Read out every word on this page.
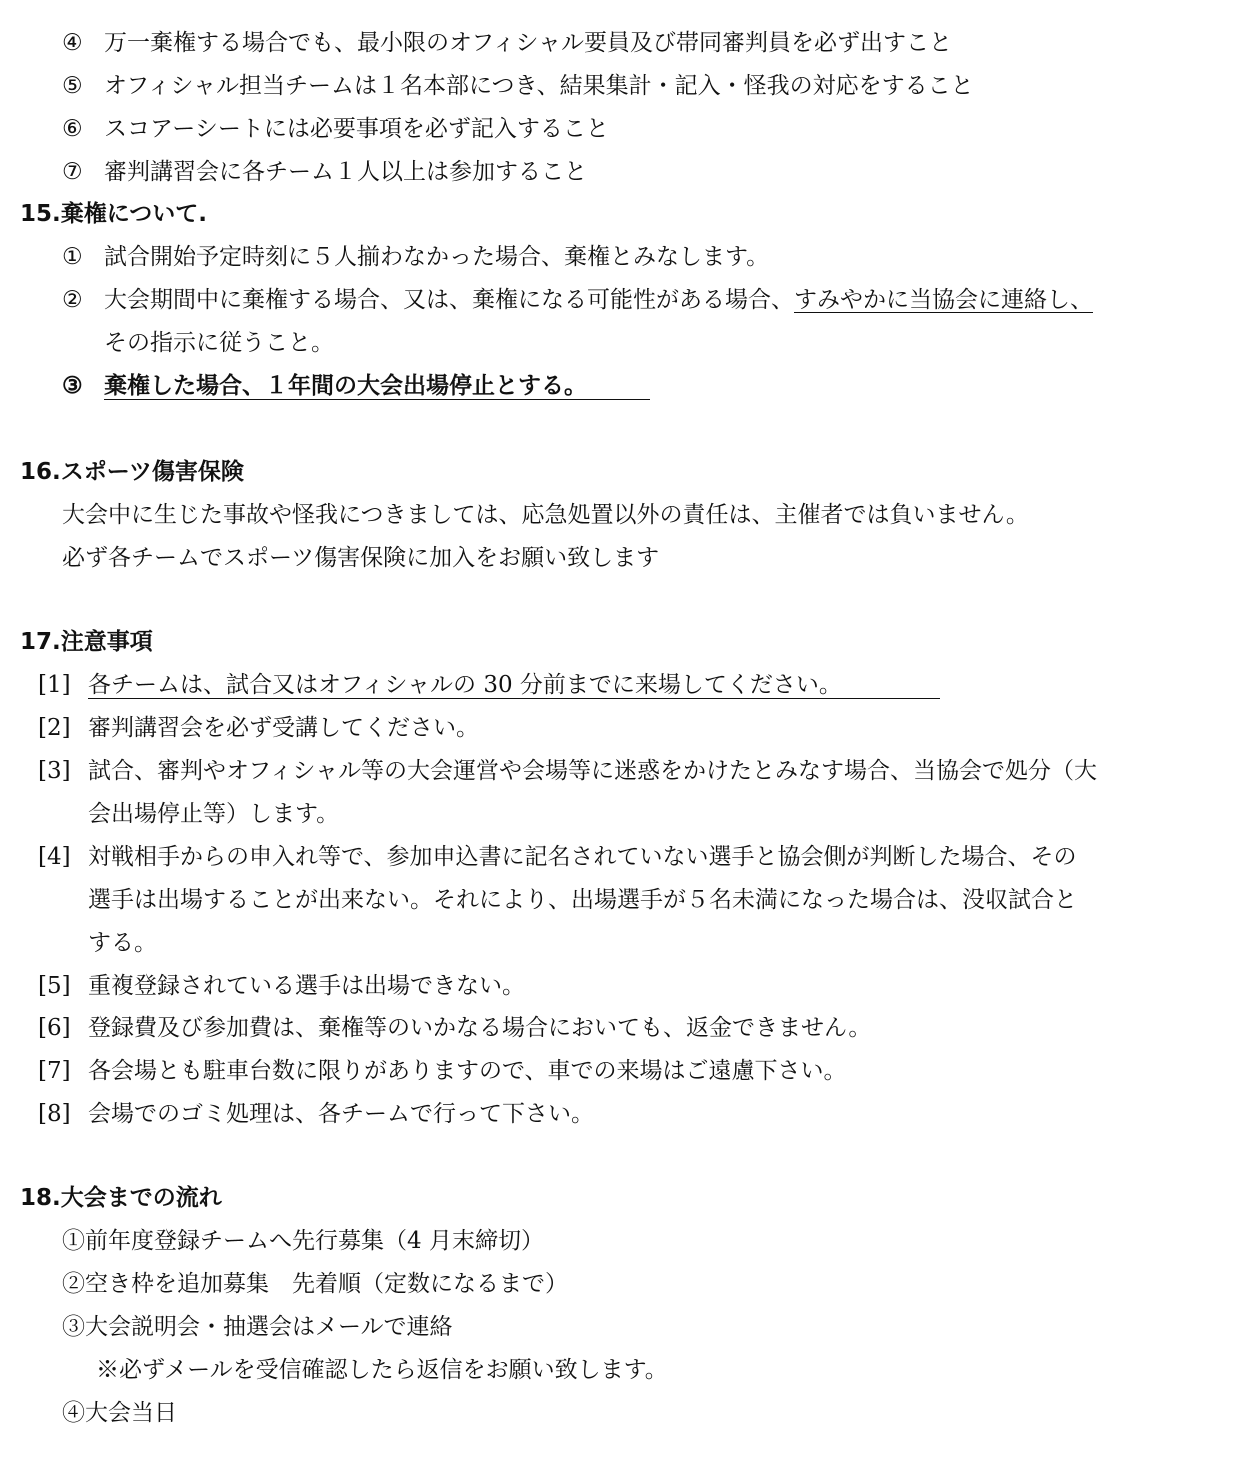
④ 万一棄権する場合でも、最小限のオフィシャル要員及び帯同審判員を必ず出すこと
⑤ オフィシャル担当チームは１名本部につき、結果集計・記入・怪我の対応をすること
⑥ スコアーシートには必要事項を必ず記入すること
⑦ 審判講習会に各チーム１人以上は参加すること
15.棄権について.
① 試合開始予定時刻に５人揃わなかった場合、棄権とみなします。
② 大会期間中に棄権する場合、又は、棄権になる可能性がある場合、すみやかに当協会に連絡し、
その指示に従うこと。
③ 棄権した場合、１年間の大会出場停止とする。
16.スポーツ傷害保険
大会中に生じた事故や怪我につきましては、応急処置以外の責任は、主催者では負いません。
必ず各チームでスポーツ傷害保険に加入をお願い致します
17.注意事項
[1] 各チームは、試合又はオフィシャルの 30 分前までに来場してください。
[2] 審判講習会を必ず受講してください。
[3] 試合、審判やオフィシャル等の大会運営や会場等に迷惑をかけたとみなす場合、当協会で処分（大
会出場停止等）します。
[4] 対戦相手からの申入れ等で、参加申込書に記名されていない選手と協会側が判断した場合、その
選手は出場することが出来ない。それにより、出場選手が５名未満になった場合は、没収試合と
する。
[5] 重複登録されている選手は出場できない。
[6] 登録費及び参加費は、棄権等のいかなる場合においても、返金できません。
[7] 各会場とも駐車台数に限りがありますので、車での来場はご遠慮下さい。
[8] 会場でのゴミ処理は、各チームで行って下さい。
18.大会までの流れ
①前年度登録チームへ先行募集（4 月末締切）
②空き枠を追加募集　先着順（定数になるまで）
③大会説明会・抽選会はメールで連絡
※必ずメールを受信確認したら返信をお願い致します。
④大会当日
